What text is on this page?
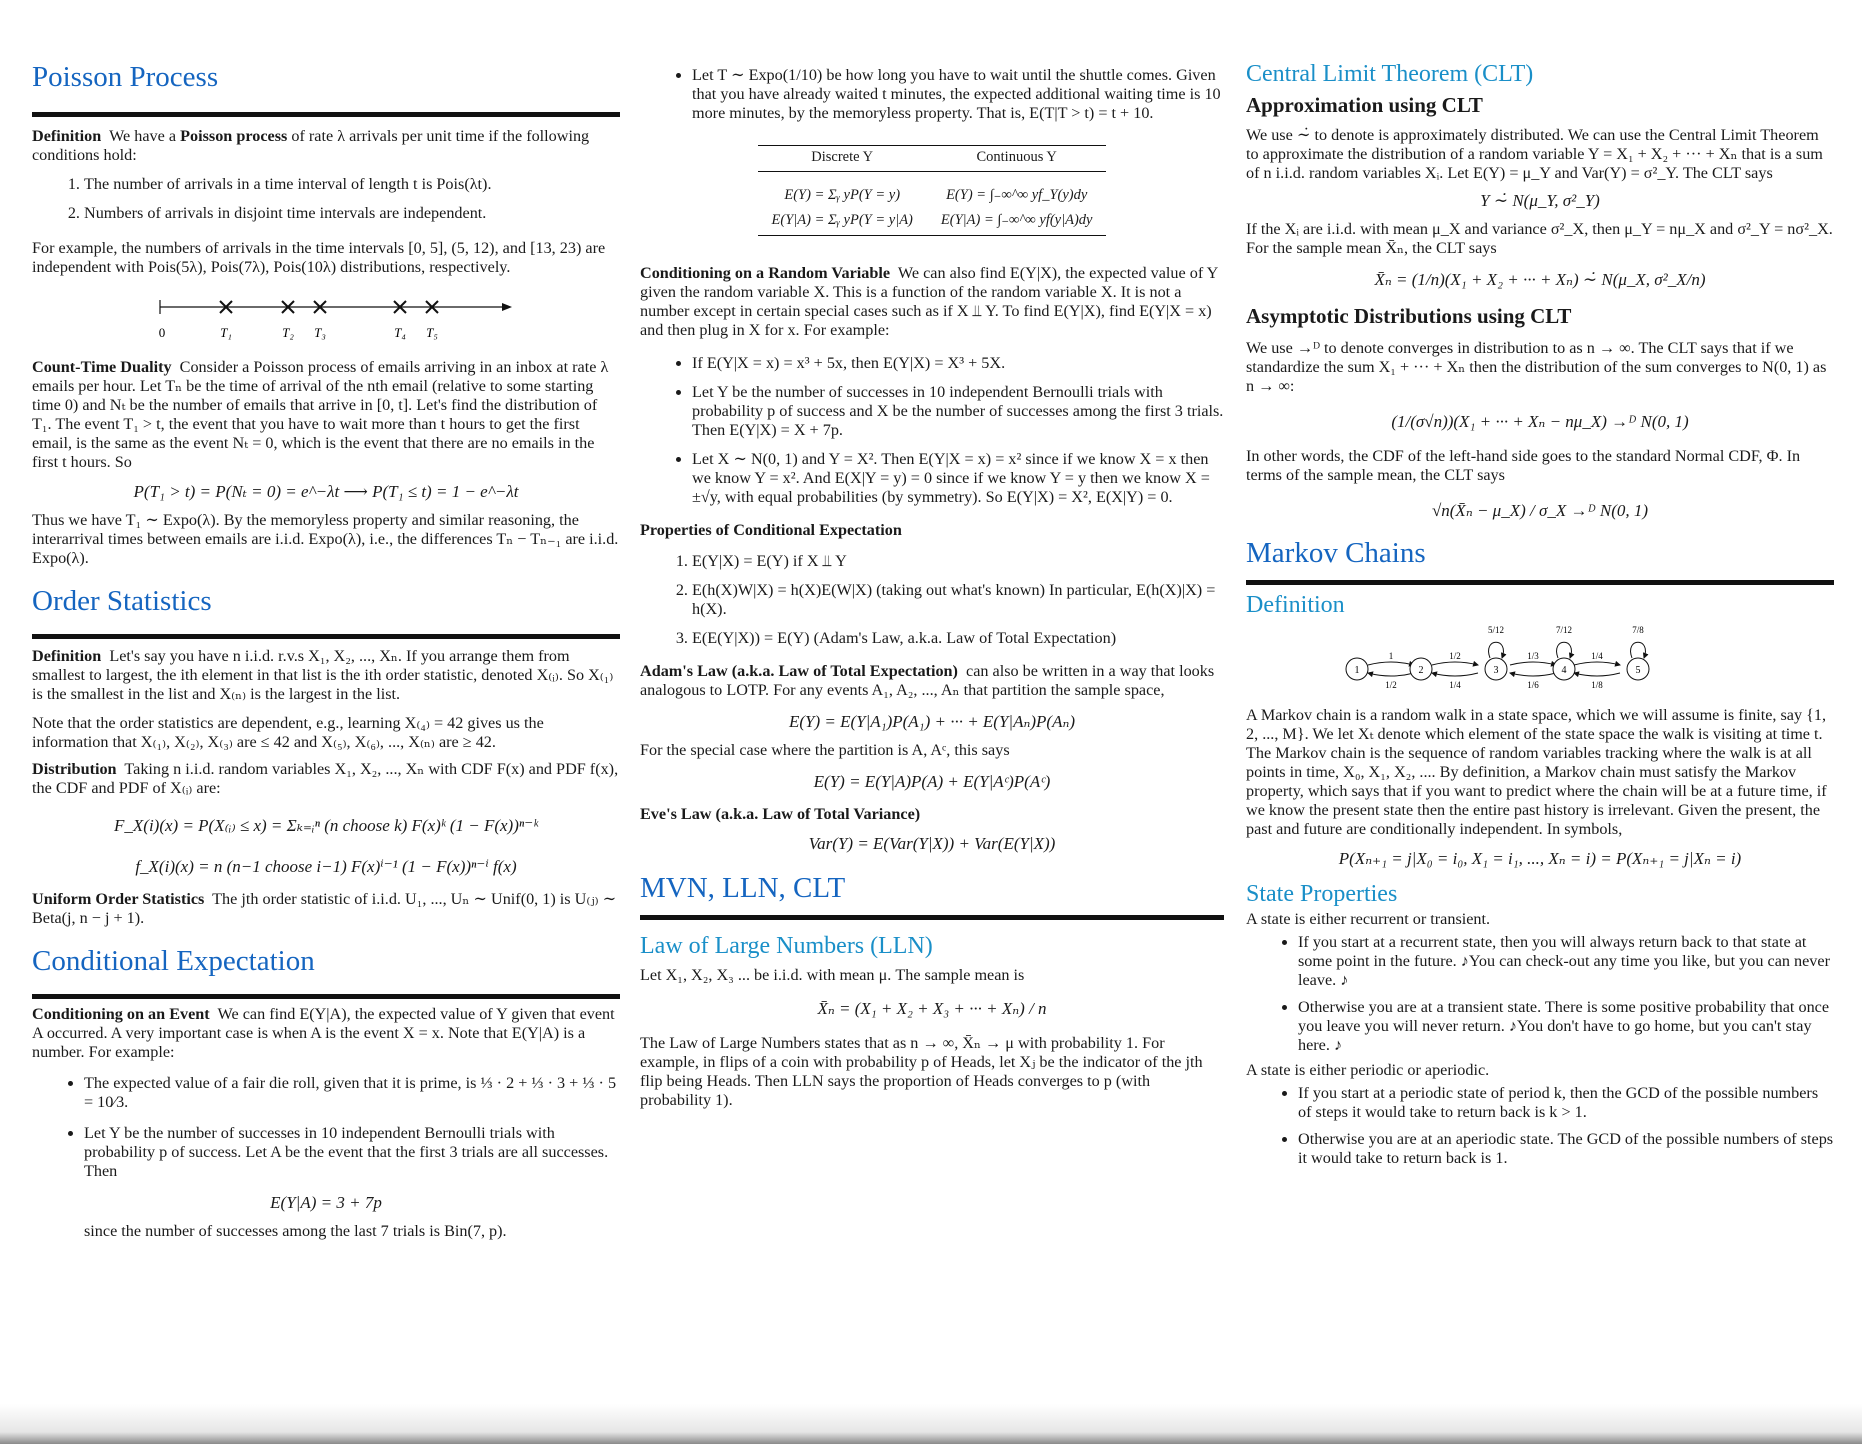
Poisson Process

Definition We have a Poisson process of rate λ arrivals per unit time if the following conditions hold:

1. The number of arrivals in a time interval of length t is Pois(λt).
2. Numbers of arrivals in disjoint time intervals are independent.

For example, the numbers of arrivals in the time intervals [0, 5], (5, 12), and [13, 23) are independent with Pois(5λ), Pois(7λ), Pois(10λ) distributions, respectively.

0	T₁	T₂ T₃	T₄ T₅

Count-Time Duality Consider a Poisson process of emails arriving in an inbox at rate λ emails per hour. Let Tₙ be the time of arrival of the nth email (relative to some starting time 0) and Nₜ be the number of emails that arrive in [0, t]. Let's find the distribution of T₁. The event T₁ > t, the event that you have to wait more than t hours to get the first email, is the same as the event Nₜ = 0, which is the event that there are no emails in the first t hours. So

P(T₁ > t) = P(Nₜ = 0) = e^−λt ⟶ P(T₁ ≤ t) = 1 − e^−λt

Thus we have T₁ ∼ Expo(λ). By the memoryless property and similar reasoning, the interarrival times between emails are i.i.d. Expo(λ), i.e., the differences Tₙ − Tₙ₋₁ are i.i.d. Expo(λ).

Order Statistics

Definition Let's say you have n i.i.d. r.v.s X₁, X₂, ..., Xₙ. If you arrange them from smallest to largest, the ith element in that list is the ith order statistic, denoted X₍ᵢ₎. So X₍₁₎ is the smallest in the list and X₍ₙ₎ is the largest in the list.

Note that the order statistics are dependent, e.g., learning X₍₄₎ = 42 gives us the information that X₍₁₎, X₍₂₎, X₍₃₎ are ≤ 42 and X₍₅₎, X₍₆₎, ..., X₍ₙ₎ are ≥ 42.

Distribution Taking n i.i.d. random variables X₁, X₂, ..., Xₙ with CDF F(x) and PDF f(x), the CDF and PDF of X₍ᵢ₎ are:

F_X(i)(x) = P(X₍ᵢ₎ ≤ x) = Σₖ₌ᵢⁿ (n choose k) F(x)ᵏ (1 − F(x))ⁿ⁻ᵏ

f_X(i)(x) = n (n−1 choose i−1) F(x)ⁱ⁻¹ (1 − F(x))ⁿ⁻ⁱ f(x)

Uniform Order Statistics The jth order statistic of i.i.d. U₁, ..., Uₙ ∼ Unif(0, 1) is U₍ⱼ₎ ∼ Beta(j, n − j + 1).

Conditional Expectation

Conditioning on an Event We can find E(Y|A), the expected value of Y given that event A occurred. A very important case is when A is the event X = x. Note that E(Y|A) is a number. For example:

• The expected value of a fair die roll, given that it is prime, is ⅓ · 2 + ⅓ · 3 + ⅓ · 5 = 10⁄3.
• Let Y be the number of successes in 10 independent Bernoulli trials with probability p of success. Let A be the event that the first 3 trials are all successes. Then

E(Y|A) = 3 + 7p

since the number of successes among the last 7 trials is Bin(7, p).

• Let T ∼ Expo(1/10) be how long you have to wait until the shuttle comes. Given that you have already waited t minutes, the expected additional waiting time is 10 more minutes, by the memoryless property. That is, E(T|T > t) = t + 10.
Discrete Y	Continuous Y
E(Y) = Σᵧ yP(Y = y)	E(Y) = ∫₋∞^∞ yf_Y(y)dy
E(Y|A) = Σᵧ yP(Y = y|A)	E(Y|A) = ∫₋∞^∞ yf(y|A)dy

Conditioning on a Random Variable We can also find E(Y|X), the expected value of Y given the random variable X. This is a function of the random variable X. It is not a number except in certain special cases such as if X ⫫ Y. To find E(Y|X), find E(Y|X = x) and then plug in X for x. For example:

• If E(Y|X = x) = x³ + 5x, then E(Y|X) = X³ + 5X.
• Let Y be the number of successes in 10 independent Bernoulli trials with probability p of success and X be the number of successes among the first 3 trials. Then E(Y|X) = X + 7p.
• Let X ∼ N(0, 1) and Y = X². Then E(Y|X = x) = x² since if we know X = x then we know Y = x². And E(X|Y = y) = 0 since if we know Y = y then we know X = ±√y, with equal probabilities (by symmetry). So E(Y|X) = X², E(X|Y) = 0.

Properties of Conditional Expectation

1. E(Y|X) = E(Y) if X ⫫ Y
2. E(h(X)W|X) = h(X)E(W|X) (taking out what's known) In particular, E(h(X)|X) = h(X).
3. E(E(Y|X)) = E(Y) (Adam's Law, a.k.a. Law of Total Expectation)

Adam's Law (a.k.a. Law of Total Expectation) can also be written in a way that looks analogous to LOTP. For any events A₁, A₂, ..., Aₙ that partition the sample space,

E(Y) = E(Y|A₁)P(A₁) + ··· + E(Y|Aₙ)P(Aₙ)

For the special case where the partition is A, Aᶜ, this says

E(Y) = E(Y|A)P(A) + E(Y|Aᶜ)P(Aᶜ)

Eve's Law (a.k.a. Law of Total Variance)

Var(Y) = E(Var(Y|X)) + Var(E(Y|X))

MVN, LLN, CLT
Law of Large Numbers (LLN)

Let X₁, X₂, X₃ ... be i.i.d. with mean μ. The sample mean is

X̄ₙ = (X₁ + X₂ + X₃ + ··· + Xₙ) / n

The Law of Large Numbers states that as n → ∞, X̄ₙ → μ with probability 1. For example, in flips of a coin with probability p of Heads, let Xⱼ be the indicator of the jth flip being Heads. Then LLN says the proportion of Heads converges to p (with probability 1).

Central Limit Theorem (CLT)
Approximation using CLT

We use ∼̇ to denote is approximately distributed. We can use the Central Limit Theorem to approximate the distribution of a random variable Y = X₁ + X₂ + ··· + Xₙ that is a sum of n i.i.d. random variables Xᵢ. Let E(Y) = μ_Y and Var(Y) = σ²_Y. The CLT says

Y ∼̇ N(μ_Y, σ²_Y)

If the Xᵢ are i.i.d. with mean μ_X and variance σ²_X, then μ_Y = nμ_X and σ²_Y = nσ²_X. For the sample mean X̄ₙ, the CLT says

X̄ₙ = (1/n)(X₁ + X₂ + ··· + Xₙ) ∼̇ N(μ_X, σ²_X/n)

Asymptotic Distributions using CLT

We use →ᴰ to denote converges in distribution to as n → ∞. The CLT says that if we standardize the sum X₁ + ··· + Xₙ then the distribution of the sum converges to N(0, 1) as n → ∞:

(1/(σ√n))(X₁ + ··· + Xₙ − nμ_X) →ᴰ N(0, 1)

In other words, the CDF of the left-hand side goes to the standard Normal CDF, Φ. In terms of the sample mean, the CLT says

√n(X̄ₙ − μ_X) / σ_X →ᴰ N(0, 1)

Markov Chains
Definition
1	2	3	4	5
5/12	7/12	7/8
1	1/2	1/3	1/4
1/2	1/4	1/6	1/8

A Markov chain is a random walk in a state space, which we will assume is finite, say {1, 2, ..., M}. We let Xₜ denote which element of the state space the walk is visiting at time t. The Markov chain is the sequence of random variables tracking where the walk is at all points in time, X₀, X₁, X₂, .... By definition, a Markov chain must satisfy the Markov property, which says that if you want to predict where the chain will be at a future time, if we know the present state then the entire past history is irrelevant. Given the present, the past and future are conditionally independent. In symbols,

P(Xₙ₊₁ = j|X₀ = i₀, X₁ = i₁, ..., Xₙ = i) = P(Xₙ₊₁ = j|Xₙ = i)

State Properties

A state is either recurrent or transient.

• If you start at a recurrent state, then you will always return back to that state at some point in the future. ♪You can check-out any time you like, but you can never leave. ♪
• Otherwise you are at a transient state. There is some positive probability that once you leave you will never return. ♪You don't have to go home, but you can't stay here. ♪

A state is either periodic or aperiodic.

• If you start at a periodic state of period k, then the GCD of the possible numbers of steps it would take to return back is k > 1.
• Otherwise you are at an aperiodic state. The GCD of the possible numbers of steps it would take to return back is 1.
